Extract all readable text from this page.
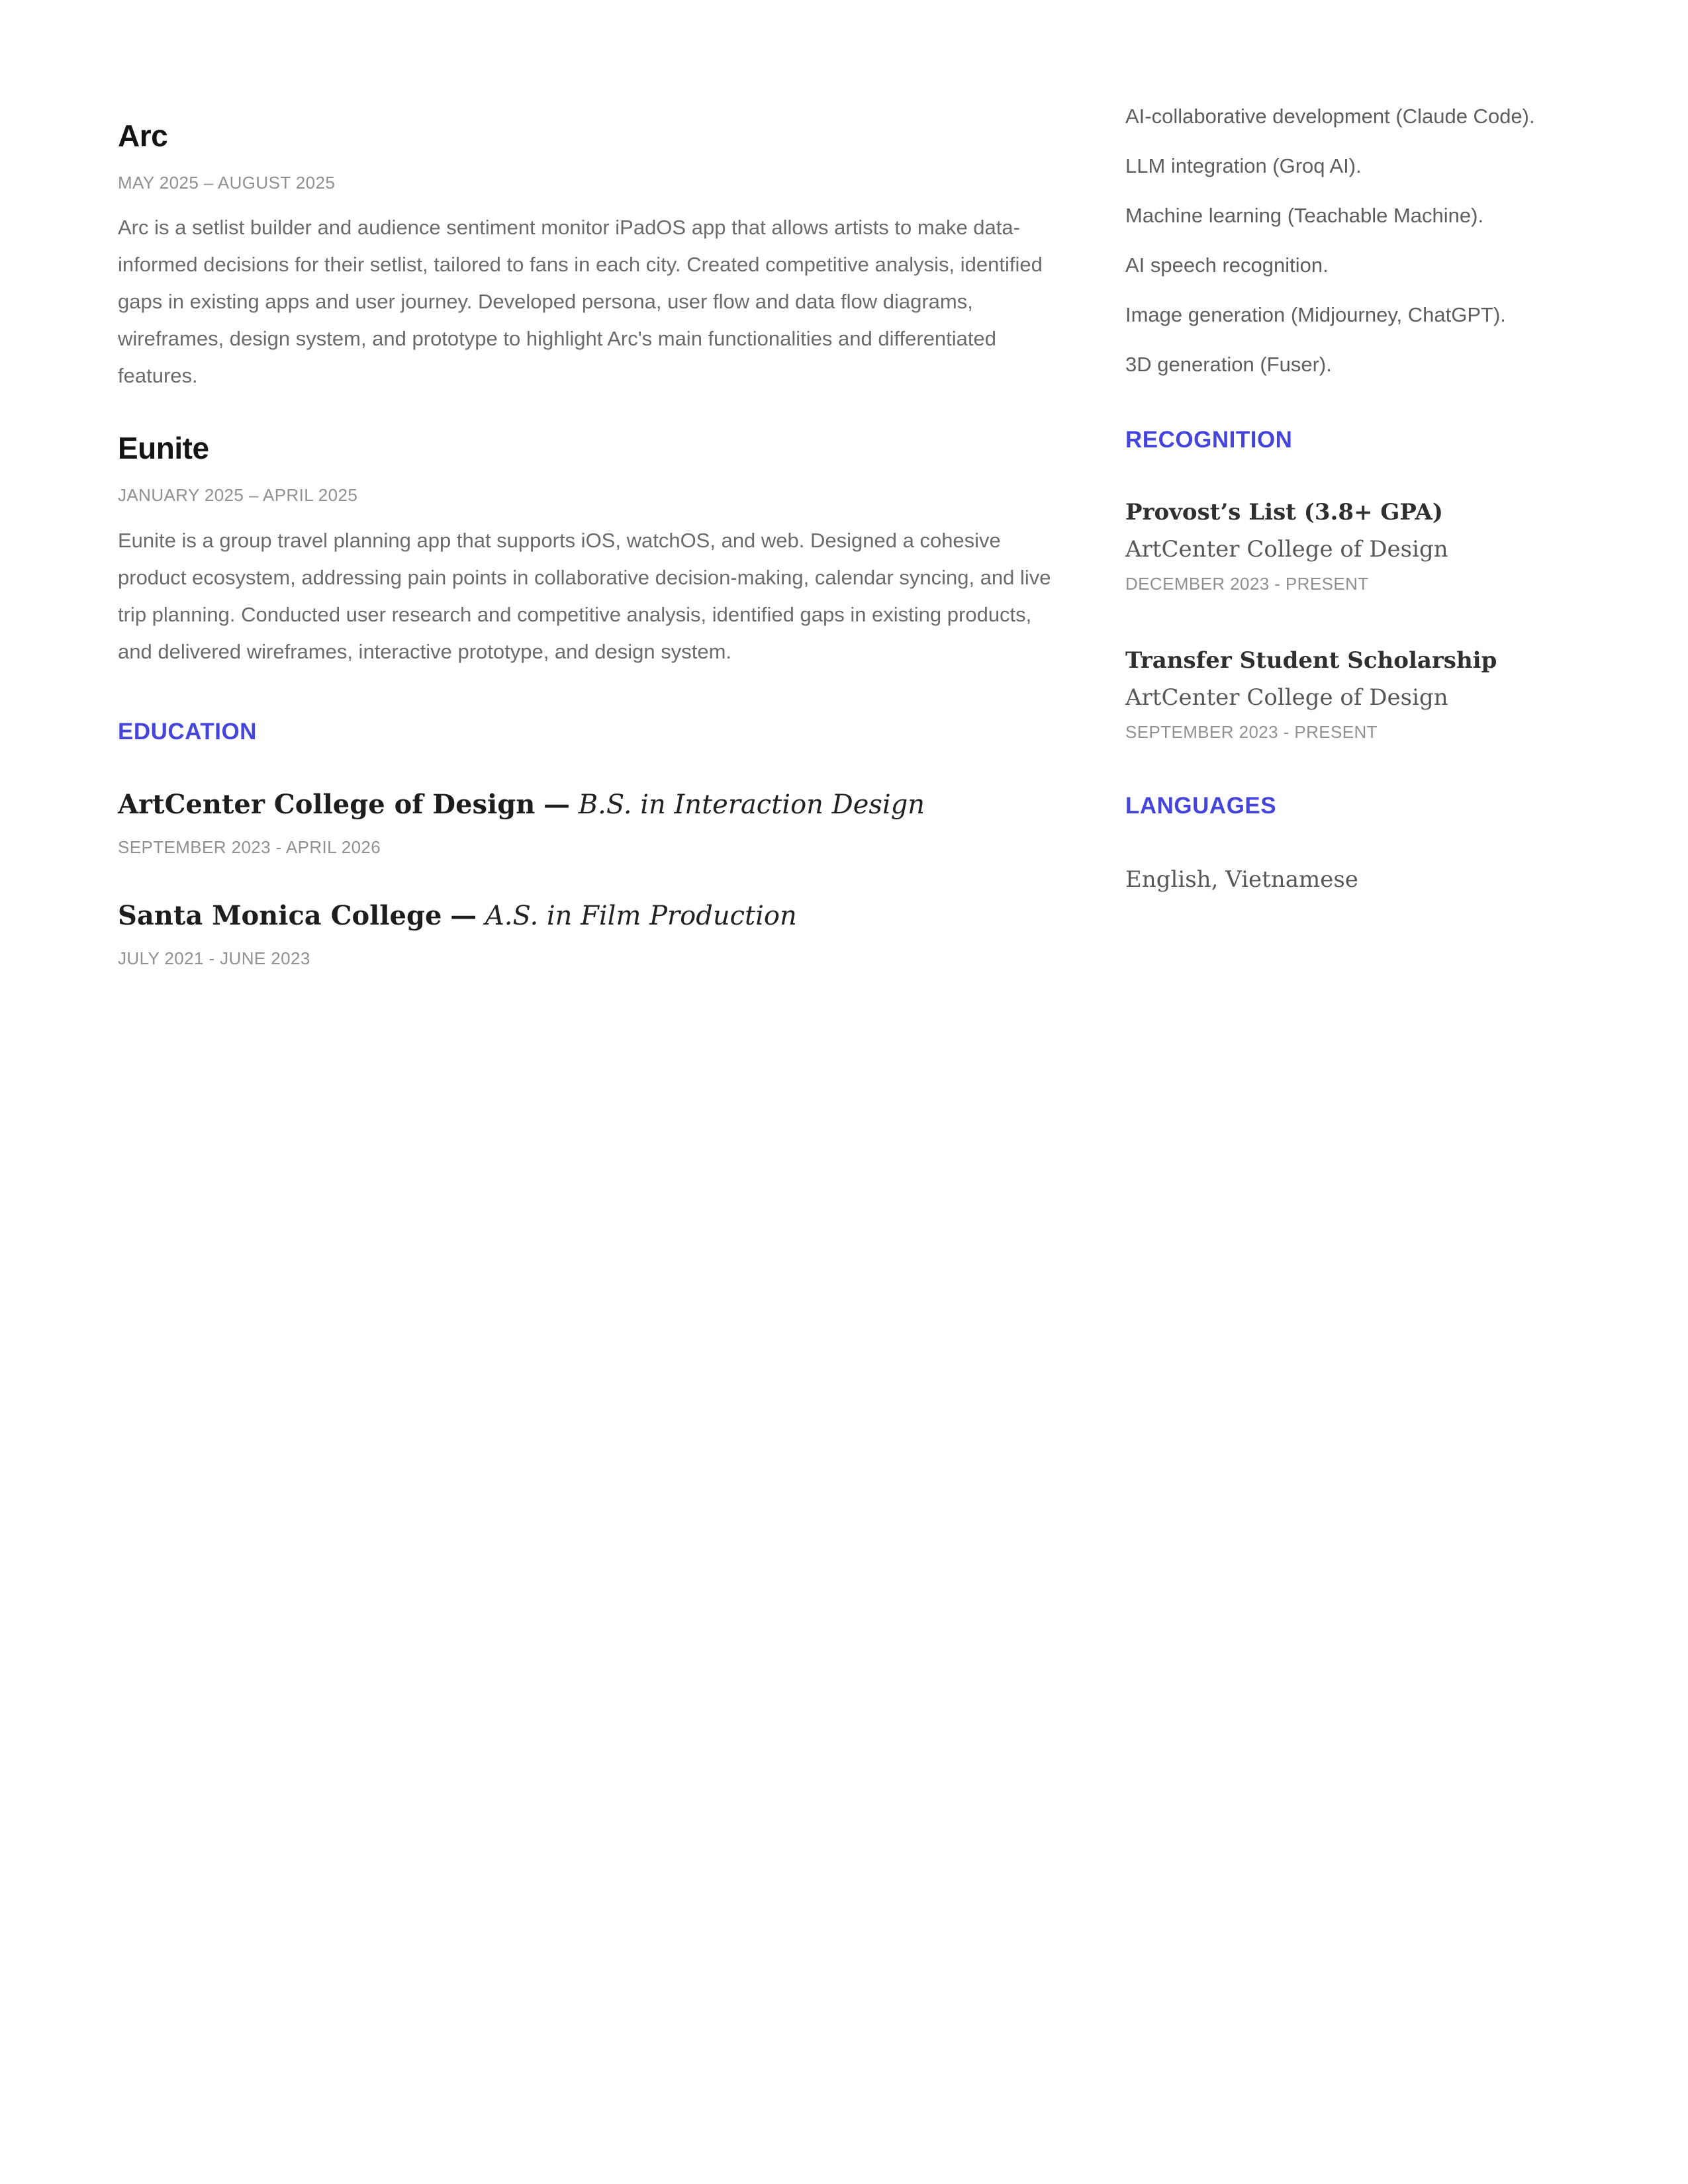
Arc
MAY 2025 – AUGUST 2025

Arc is a setlist builder and audience sentiment monitor iPadOS app that allows artists to make data-informed decisions for their setlist, tailored to fans in each city. Created competitive analysis, identified gaps in existing apps and user journey. Developed persona, user flow and data flow diagrams, wireframes, design system, and prototype to highlight Arc's main functionalities and differentiated features.

Eunite
JANUARY 2025 – APRIL 2025

Eunite is a group travel planning app that supports iOS, watchOS, and web. Designed a cohesive product ecosystem, addressing pain points in collaborative decision-making, calendar syncing, and live trip planning. Conducted user research and competitive analysis, identified gaps in existing products, and delivered wireframes, interactive prototype, and design system.

EDUCATION
ArtCenter College of Design — B.S. in Interaction Design
SEPTEMBER 2023 - APRIL 2026
Santa Monica College — A.S. in Film Production
JULY 2021 - JUNE 2023

AI-collaborative development (Claude Code).

LLM integration (Groq AI).

Machine learning (Teachable Machine).

AI speech recognition.

Image generation (Midjourney, ChatGPT).

3D generation (Fuser).

RECOGNITION
Provost’s List (3.8+ GPA)
ArtCenter College of Design
DECEMBER 2023 - PRESENT
Transfer Student Scholarship
ArtCenter College of Design
SEPTEMBER 2023 - PRESENT
LANGUAGES
English, Vietnamese
